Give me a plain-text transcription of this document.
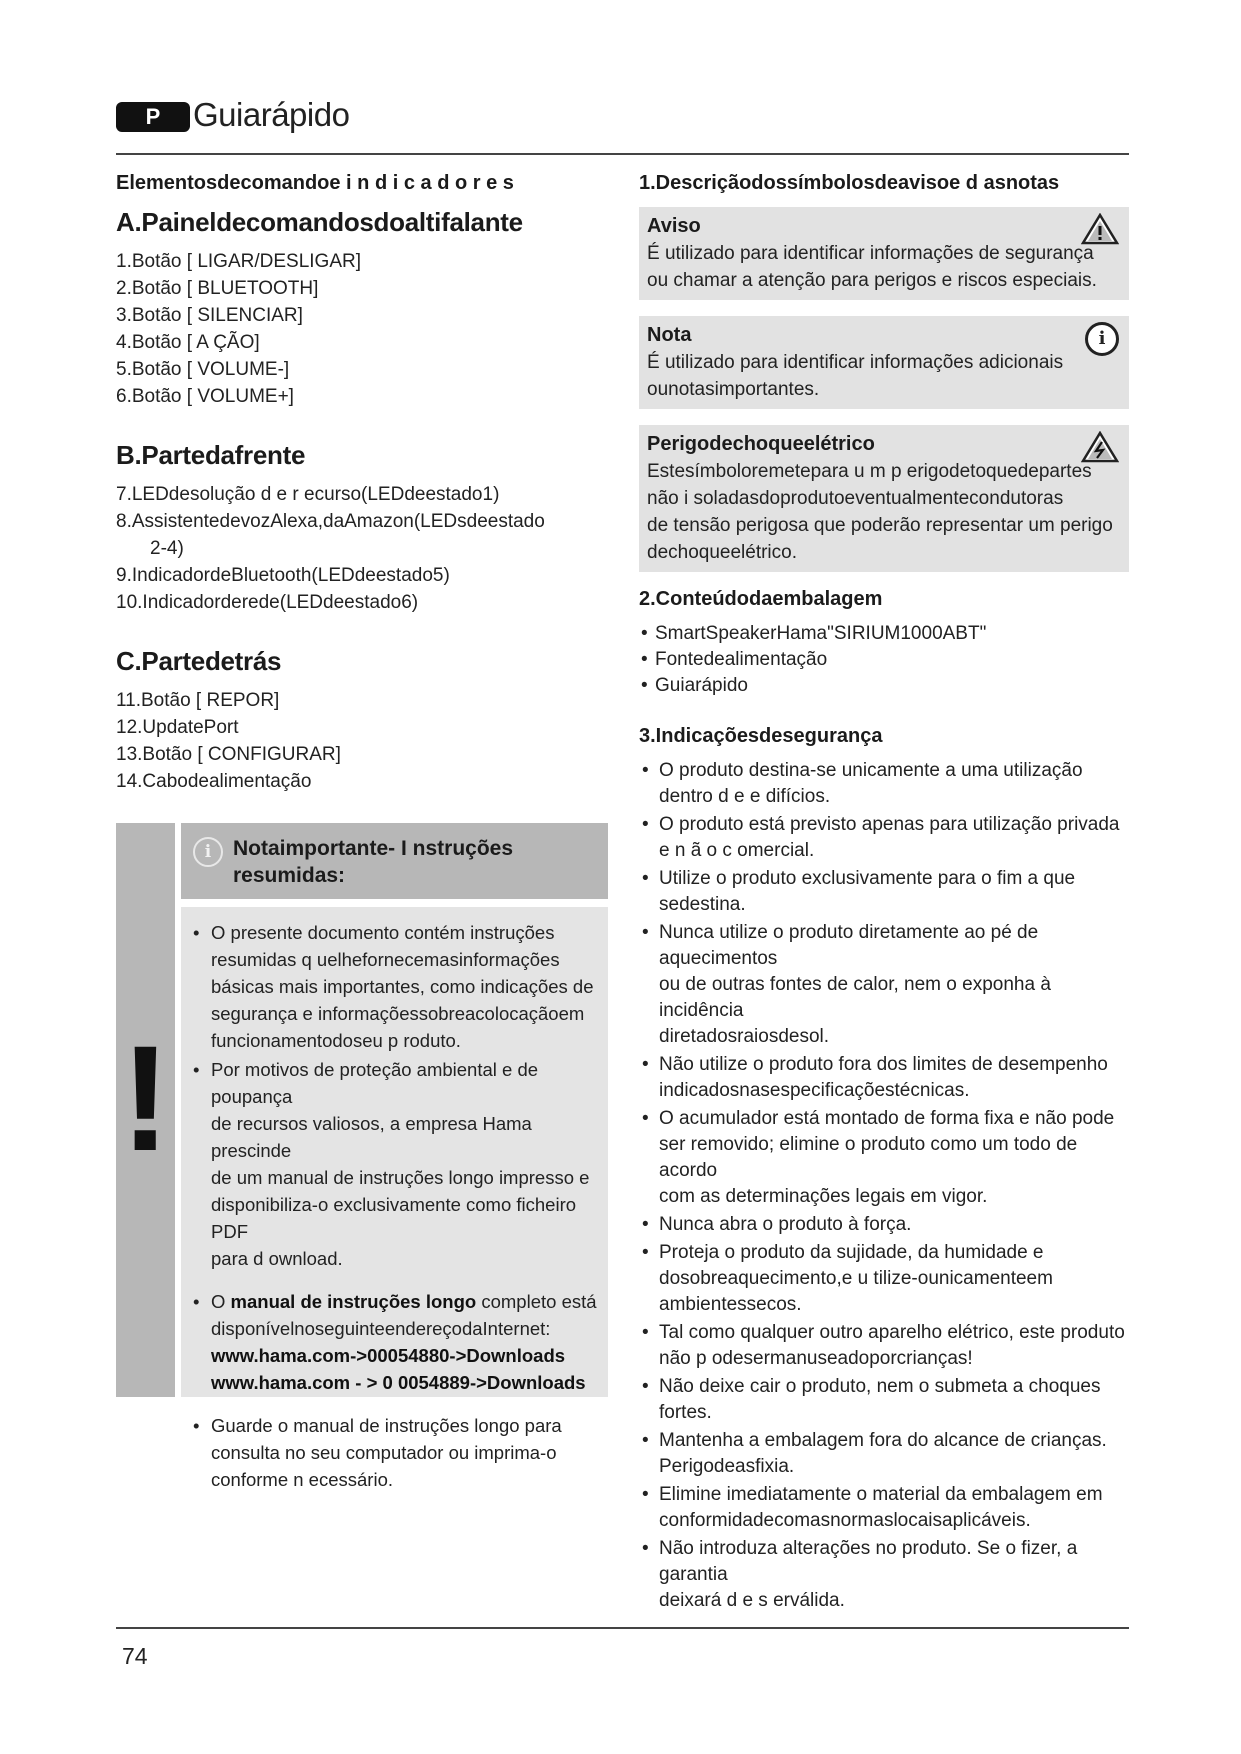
P Guiarápido
Elementosdecomandoe i n d i c a d o r e s
A.Paineldecomandosdoaltifalante
1.Botão [ LIGAR/DESLIGAR]
2.Botão [ BLUETOOTH]
3.Botão [ SILENCIAR]
4.Botão [ A ÇÃO]
5.Botão [ VOLUME-]
6.Botão [ VOLUME+]
B.Partedafrente
7.LEDdesolução d e r ecurso(LEDdeestado1)
8.AssistentedevozAlexa,daAmazon(LEDsdeestado
2-4)
9.IndicadordeBluetooth(LEDdeestado5)
10.Indicadorderede(LEDdeestado6)
C.Partedetrás
11.Botão [ REPOR]
12.UpdatePort
13.Botão [ CONFIGURAR]
14.Cabodealimentação
!
i	Notaimportante- I nstruções
resumidas:
• O presente documento contém instruções
resumidas q uelhefornecemasinformações
básicas mais importantes, como indicações de
segurança e informaçõessobreacolocaçãoem
funcionamentodoseu p roduto.
• Por motivos de proteção ambiental e de poupança
de recursos valiosos, a empresa Hama prescinde
de um manual de instruções longo impresso e
disponibiliza-o exclusivamente como ficheiro PDF
para d ownload.
• O manual de instruções longo completo está
disponívelnoseguinteendereçodaInternet:
www.hama.com->00054880->Downloads
www.hama.com - > 0 0054889->Downloads
• Guarde o manual de instruções longo para
consulta no seu computador ou imprima-o
conforme n ecessário.
1.Descriçãodossímbolosdeavisoe d asnotas
Aviso
É utilizado para identificar informações de segurança
ou chamar a atenção para perigos e riscos especiais.
i
Nota
É utilizado para identificar informações adicionais
ounotasimportantes.
Perigodechoqueelétrico
Estesímboloremetepara u m p erigodetoquedepartes
não i soladasdoprodutoeventualmentecondutoras
de tensão perigosa que poderão representar um perigo
dechoqueelétrico.
2.Conteúdodaembalagem
• SmartSpeakerHama"SIRIUM1000ABT"
• Fontedealimentação
• Guiarápido
3.Indicaçõesdesegurança
• O produto destina-se unicamente a uma utilização
dentro d e e difícios.
• O produto está previsto apenas para utilização privada
e n ã o c omercial.
• Utilize o produto exclusivamente para o fim a que
sedestina.
• Nunca utilize o produto diretamente ao pé de aquecimentos
ou de outras fontes de calor, nem o exponha à incidência
diretadosraiosdesol.
• Não utilize o produto fora dos limites de desempenho
indicadosnasespecificaçõestécnicas.
• O acumulador está montado de forma fixa e não pode
ser removido; elimine o produto como um todo de acordo
com as determinações legais em vigor.
• Nunca abra o produto à força.
• Proteja o produto da sujidade, da humidade e
dosobreaquecimento,e u tilize-ounicamenteem
ambientessecos.
• Tal como qualquer outro aparelho elétrico, este produto
não p odesermanuseadoporcrianças!
• Não deixe cair o produto, nem o submeta a choques fortes.
• Mantenha a embalagem fora do alcance de crianças.
Perigodeasfixia.
• Elimine imediatamente o material da embalagem em
conformidadecomasnormaslocaisaplicáveis.
• Não introduza alterações no produto. Se o fizer, a garantia
deixará d e s erválida.
74
